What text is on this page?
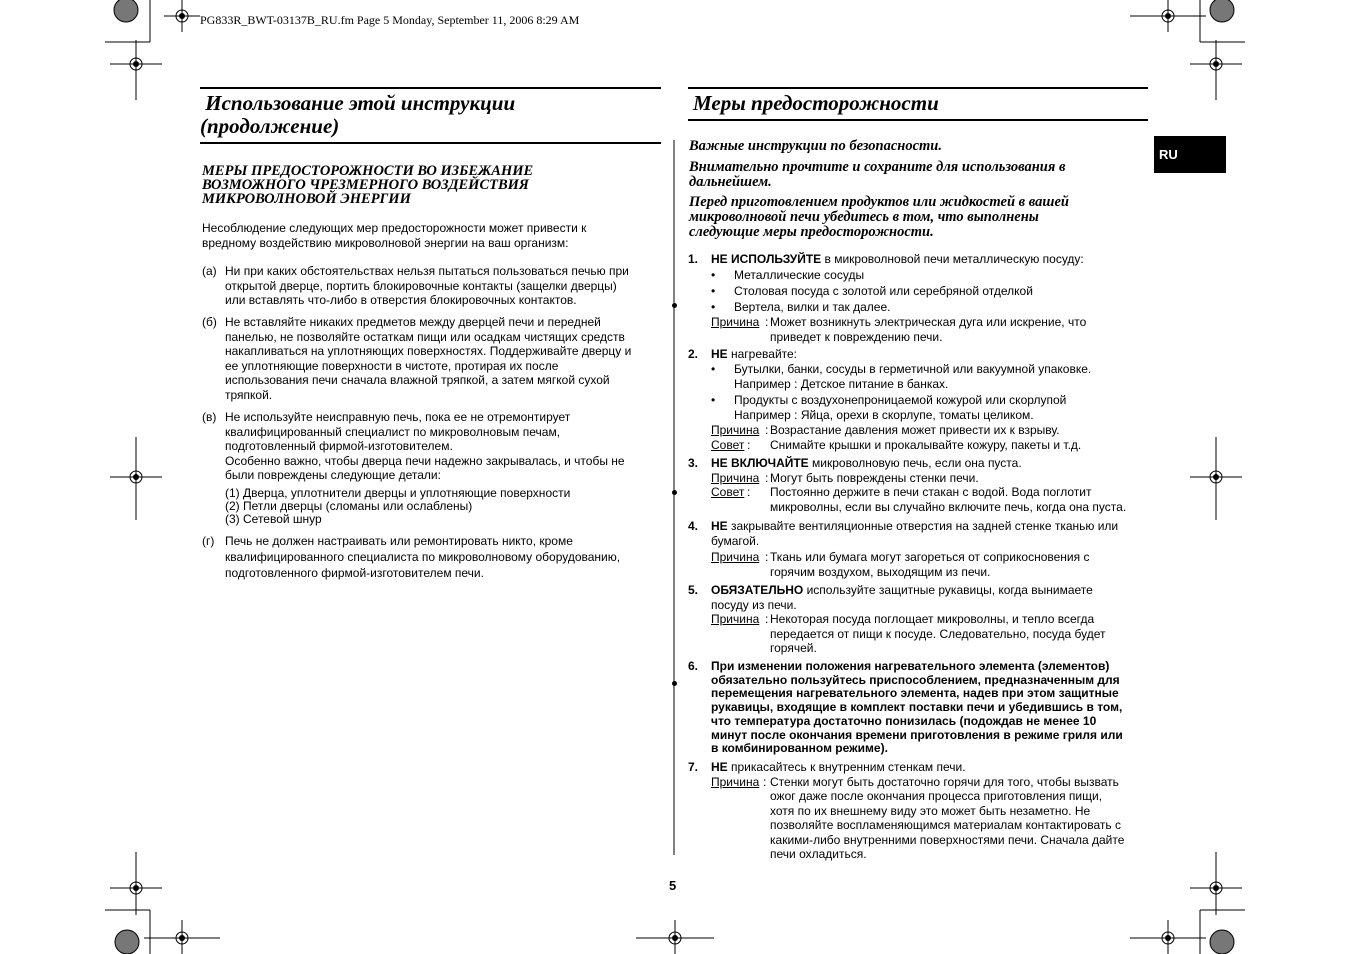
PG833R_BWT-03137B_RU.fm Page 5 Monday, September 11, 2006 8:29 AM
Использование этой инструкции
(продолжение)
МЕРЫ ПРЕДОСТОРОЖНОСТИ ВО ИЗБЕЖАНИЕ
ВОЗМОЖНОГО ЧРЕЗМЕРНОГО ВОЗДЕЙСТВИЯ
МИКРОВОЛНОВОЙ ЭНЕРГИИ
Несоблюдение следующих мер предосторожности может привести к
вредному воздействию микроволновой энергии на ваш организм:
(а) Ни при каких обстоятельствах нельзя пытаться пользоваться печью при
открытой дверце, портить блокировочные контакты (защелки дверцы)
или вставлять что-либо в отверстия блокировочных контактов.
(б) Не вставляйте никаких предметов между дверцей печи и передней
панелью, не позволяйте остаткам пищи или осадкам чистящих средств
накапливаться на уплотняющих поверхностях. Поддерживайте дверцу и
ее уплотняющие поверхности в чистоте, протирая их после
использования печи сначала влажной тряпкой, а затем мягкой сухой
тряпкой.
(в) Не используйте неисправную печь, пока ее не отремонтирует
квалифицированный специалист по микроволновым печам,
подготовленный фирмой-изготовителем.
Особенно важно, чтобы дверца печи надежно закрывалась, и чтобы не
были повреждены следующие детали:
(1) Дверца, уплотнители дверцы и уплотняющие поверхности
(2) Петли дверцы (сломаны или ослаблены)
(3) Сетевой шнур
(г) Печь не должен настраивать или ремонтировать никто, кроме
квалифицированного специалиста по микроволновому оборудованию,
подготовленного фирмой-изготовителем печи.
Меры предосторожности
RU
Важные инструкции по безопасности.
Внимательно прочтите и сохраните для использования в
дальнейшем.
Перед приготовлением продуктов или жидкостей в вашей
микроволновой печи убедитесь в том, что выполнены
следующие меры предосторожности.
1. НЕ ИСПОЛЬЗУЙТЕ в микроволновой печи металлическую посуду:
• Металлические сосуды
• Столовая посуда с золотой или серебряной отделкой
• Вертела, вилки и так далее.
Причина : Может возникнуть электрическая дуга или искрение, что
приведет к повреждению печи.
2. НЕ нагревайте:
• Бутылки, банки, сосуды в герметичной или вакуумной упаковке.
Например : Детское питание в банках.
• Продукты с воздухонепроницаемой кожурой или скорлупой
Например : Яйца, орехи в скорлупе, томаты целиком.
Причина : Возрастание давления может привести их к взрыву.
Совет : Снимайте крышки и прокалывайте кожуру, пакеты и т.д.
3. НЕ ВКЛЮЧАЙТЕ микроволновую печь, если она пуста.
Причина : Могут быть повреждены стенки печи.
Совет : Постоянно держите в печи стакан с водой. Вода поглотит
микроволны, если вы случайно включите печь, когда она пуста.
4. НЕ закрывайте вентиляционные отверстия на задней стенке тканью или
бумагой.
Причина : Ткань или бумага могут загореться от соприкосновения с
горячим воздухом, выходящим из печи.
5. ОБЯЗАТЕЛЬНО используйте защитные рукавицы, когда вынимаете
посуду из печи.
Причина : Некоторая посуда поглощает микроволны, и тепло всегда
передается от пищи к посуде. Следовательно, посуда будет
горячей.
6. При изменении положения нагревательного элемента (элементов)
обязательно пользуйтесь приспособлением, предназначенным для
перемещения нагревательного элемента, надев при этом защитные
рукавицы, входящие в комплект поставки печи и убедившись в том,
что температура достаточно понизилась (подождав не менее 10
минут после окончания времени приготовления в режиме гриля или
в комбинированном режиме).
7. НЕ прикасайтесь к внутренним стенкам печи.
Причина : Стенки могут быть достаточно горячи для того, чтобы вызвать
ожог даже после окончания процесса приготовления пищи,
хотя по их внешнему виду это может быть незаметно. Не
позволяйте воспламеняющимся материалам контактировать с
какими-либо внутренними поверхностями печи. Сначала дайте
печи охладиться.
5
